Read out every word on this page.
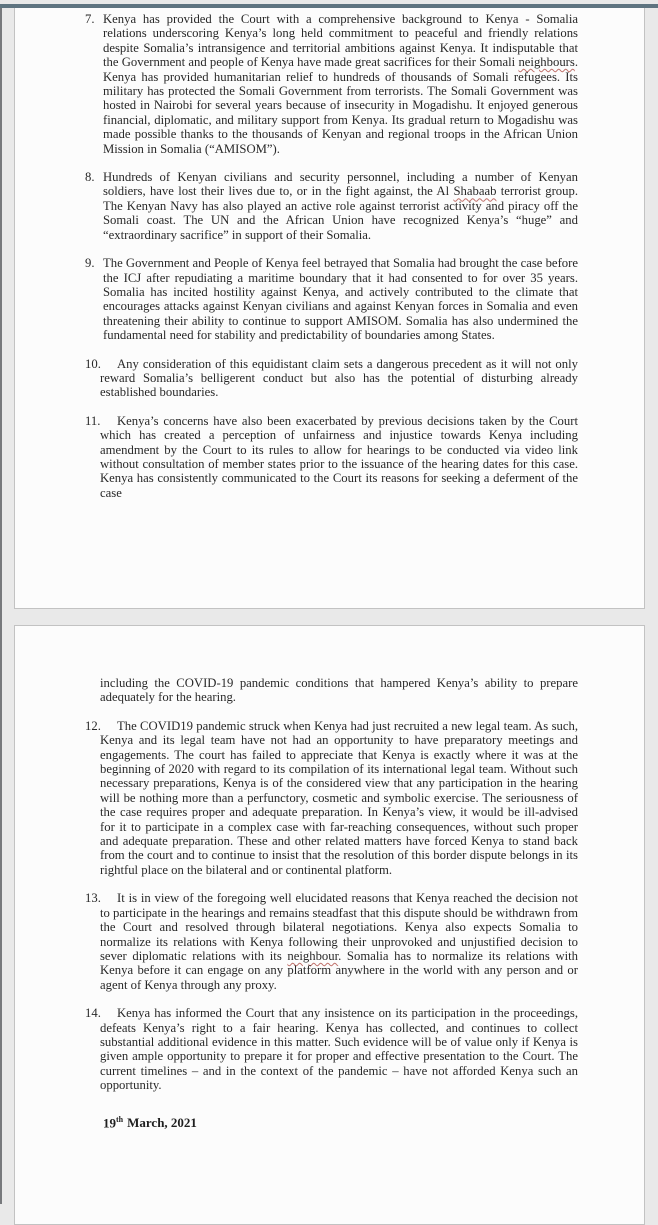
7. Kenya has provided the Court with a comprehensive background to Kenya - Somalia relations underscoring Kenya’s long held commitment to peaceful and friendly relations despite Somalia’s intransigence and territorial ambitions against Kenya. It indisputable that the Government and people of Kenya have made great sacrifices for their Somali neighbours. Kenya has provided humanitarian relief to hundreds of thousands of Somali refugees. Its military has protected the Somali Government from terrorists. The Somali Government was hosted in Nairobi for several years because of insecurity in Mogadishu. It enjoyed generous financial, diplomatic, and military support from Kenya. Its gradual return to Mogadishu was made possible thanks to the thousands of Kenyan and regional troops in the African Union Mission in Somalia (“AMISOM”).
8. Hundreds of Kenyan civilians and security personnel, including a number of Kenyan soldiers, have lost their lives due to, or in the fight against, the Al Shabaab terrorist group. The Kenyan Navy has also played an active role against terrorist activity and piracy off the Somali coast. The UN and the African Union have recognized Kenya’s “huge” and “extraordinary sacrifice” in support of their Somalia.
9. The Government and People of Kenya feel betrayed that Somalia had brought the case before the ICJ after repudiating a maritime boundary that it had consented to for over 35 years. Somalia has incited hostility against Kenya, and actively contributed to the climate that encourages attacks against Kenyan civilians and against Kenyan forces in Somalia and even threatening their ability to continue to support AMISOM. Somalia has also undermined the fundamental need for stability and predictability of boundaries among States.
10. Any consideration of this equidistant claim sets a dangerous precedent as it will not only reward Somalia’s belligerent conduct but also has the potential of disturbing already established boundaries.
11. Kenya’s concerns have also been exacerbated by previous decisions taken by the Court which has created a perception of unfairness and injustice towards Kenya including amendment by the Court to its rules to allow for hearings to be conducted via video link without consultation of member states prior to the issuance of the hearing dates for this case. Kenya has consistently communicated to the Court its reasons for seeking a deferment of the case
including the COVID-19 pandemic conditions that hampered Kenya’s ability to prepare adequately for the hearing.
12. The COVID19 pandemic struck when Kenya had just recruited a new legal team. As such, Kenya and its legal team have not had an opportunity to have preparatory meetings and engagements. The court has failed to appreciate that Kenya is exactly where it was at the beginning of 2020 with regard to its compilation of its international legal team. Without such necessary preparations, Kenya is of the considered view that any participation in the hearing will be nothing more than a perfunctory, cosmetic and symbolic exercise. The seriousness of the case requires proper and adequate preparation. In Kenya’s view, it would be ill-advised for it to participate in a complex case with far-reaching consequences, without such proper and adequate preparation. These and other related matters have forced Kenya to stand back from the court and to continue to insist that the resolution of this border dispute belongs in its rightful place on the bilateral and or continental platform.
13. It is in view of the foregoing well elucidated reasons that Kenya reached the decision not to participate in the hearings and remains steadfast that this dispute should be withdrawn from the Court and resolved through bilateral negotiations. Kenya also expects Somalia to normalize its relations with Kenya following their unprovoked and unjustified decision to sever diplomatic relations with its neighbour. Somalia has to normalize its relations with Kenya before it can engage on any platform anywhere in the world with any person and or agent of Kenya through any proxy.
14. Kenya has informed the Court that any insistence on its participation in the proceedings, defeats Kenya’s right to a fair hearing. Kenya has collected, and continues to collect substantial additional evidence in this matter. Such evidence will be of value only if Kenya is given ample opportunity to prepare it for proper and effective presentation to the Court. The current timelines – and in the context of the pandemic – have not afforded Kenya such an opportunity.
19th March, 2021
